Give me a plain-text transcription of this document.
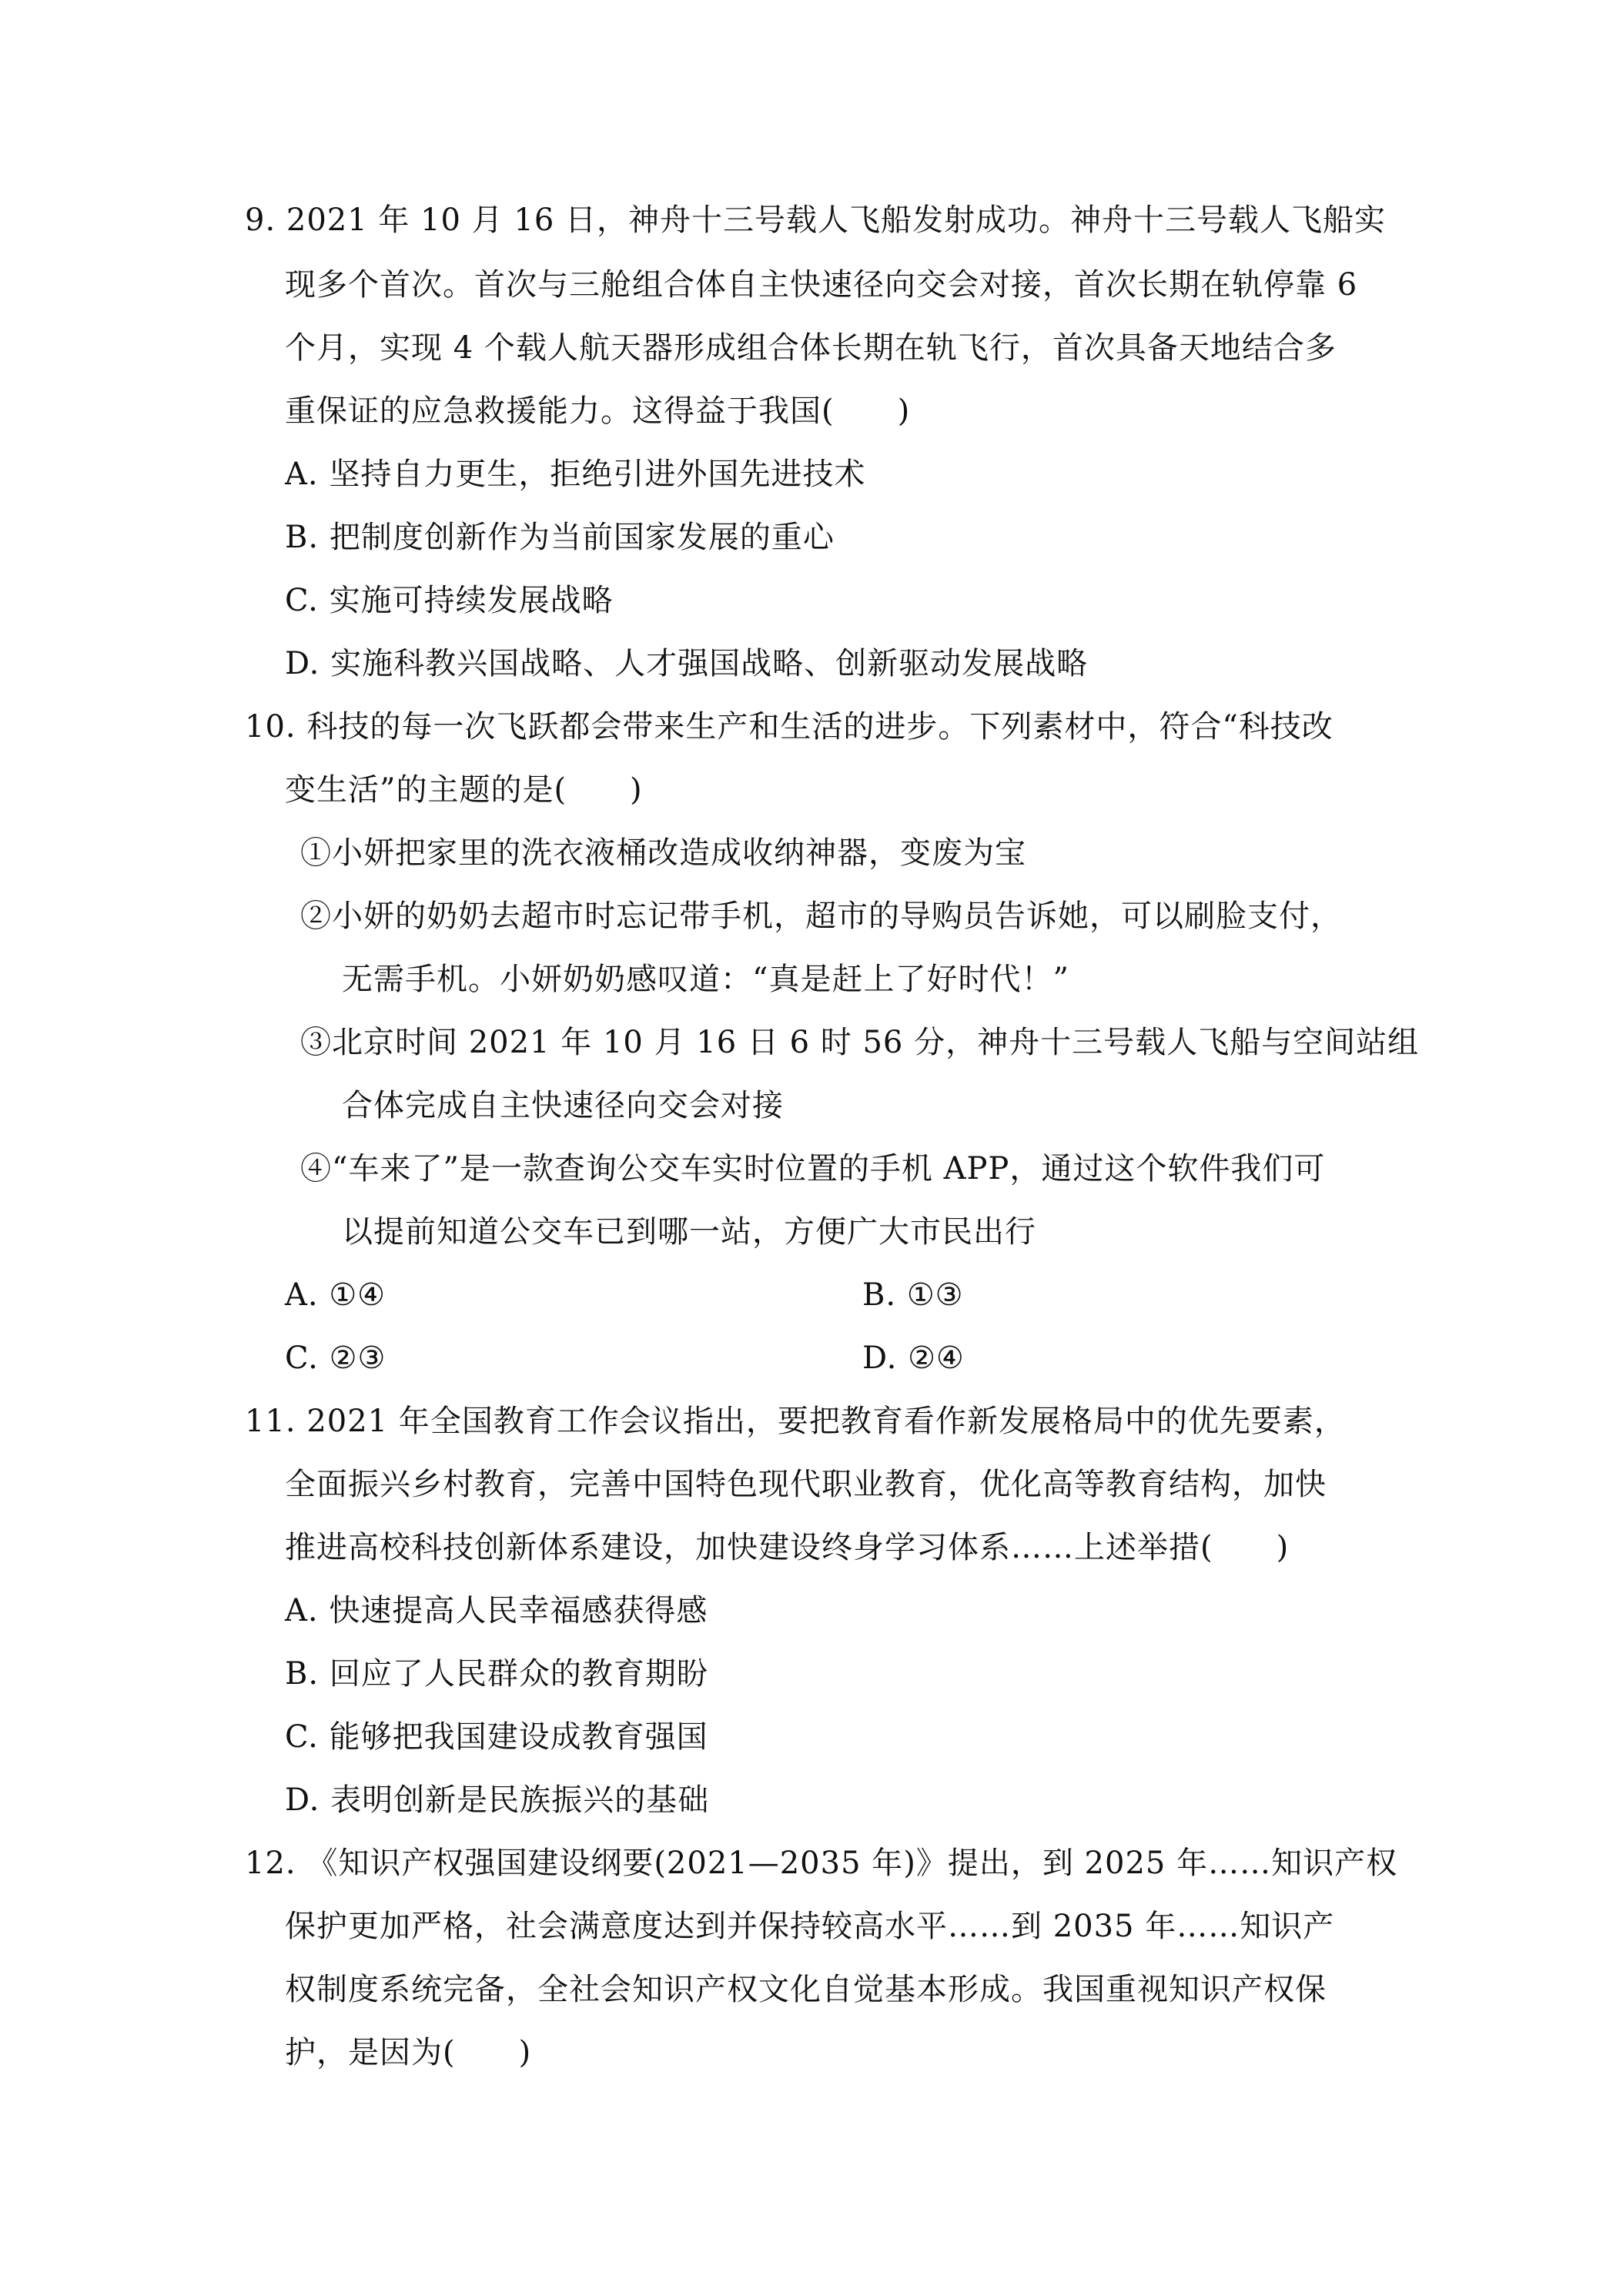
9. 2021 年 10 月 16 日，神舟十三号载人飞船发射成功。神舟十三号载人飞船实
现多个首次。首次与三舱组合体自主快速径向交会对接，首次长期在轨停靠 6
个月，实现 4 个载人航天器形成组合体长期在轨飞行，首次具备天地结合多
重保证的应急救援能力。这得益于我国(　　)
A. 坚持自力更生，拒绝引进外国先进技术
B. 把制度创新作为当前国家发展的重心
C. 实施可持续发展战略
D. 实施科教兴国战略、人才强国战略、创新驱动发展战略
10. 科技的每一次飞跃都会带来生产和生活的进步。下列素材中，符合“科技改
变生活”的主题的是(　　)
①小妍把家里的洗衣液桶改造成收纳神器，变废为宝
②小妍的奶奶去超市时忘记带手机，超市的导购员告诉她，可以刷脸支付，
无需手机。小妍奶奶感叹道：“真是赶上了好时代！”
③北京时间 2021 年 10 月 16 日 6 时 56 分，神舟十三号载人飞船与空间站组
合体完成自主快速径向交会对接
④“车来了”是一款查询公交车实时位置的手机 APP，通过这个软件我们可
以提前知道公交车已到哪一站，方便广大市民出行
A. ①④	B. ①③
C. ②③	D. ②④
11. 2021 年全国教育工作会议指出，要把教育看作新发展格局中的优先要素，
全面振兴乡村教育，完善中国特色现代职业教育，优化高等教育结构，加快
推进高校科技创新体系建设，加快建设终身学习体系……上述举措(　　)
A. 快速提高人民幸福感获得感
B. 回应了人民群众的教育期盼
C. 能够把我国建设成教育强国
D. 表明创新是民族振兴的基础
12. 《知识产权强国建设纲要(2021—2035 年)》提出，到 2025 年……知识产权
保护更加严格，社会满意度达到并保持较高水平……到 2035 年……知识产
权制度系统完备，全社会知识产权文化自觉基本形成。我国重视知识产权保
护，是因为(　　)
